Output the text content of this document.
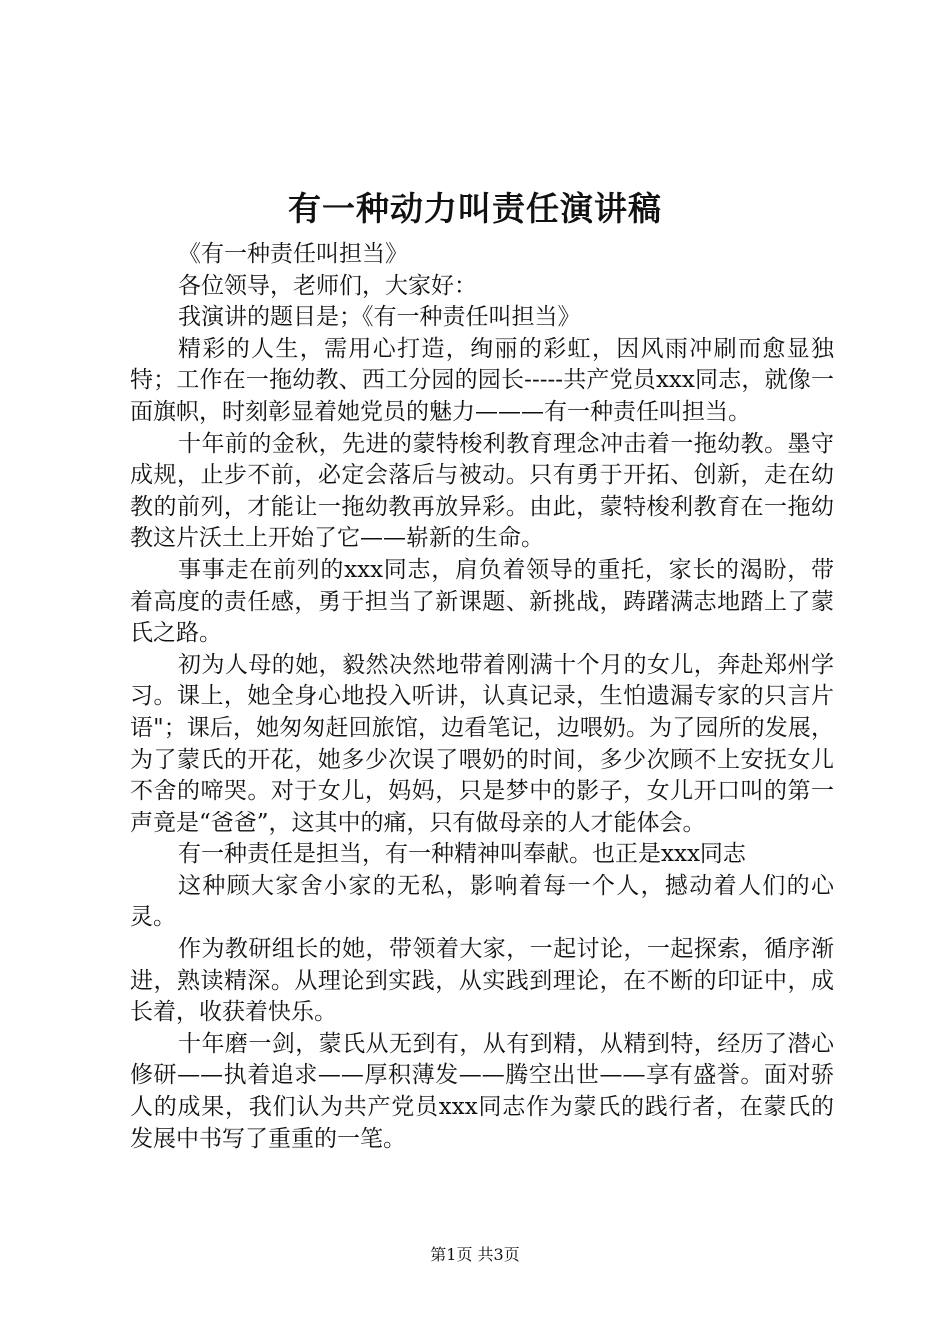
有一种动力叫责任演讲稿

《有一种责任叫担当》

各位领导，老师们，大家好：

我演讲的题目是；《有一种责任叫担当》

精彩的人生，需用心打造，绚丽的彩虹，因风雨冲刷而愈显独特；工作在一拖幼教、西工分园的园长-----共产党员xxx同志，就像一面旗帜，时刻彰显着她党员的魅力———有一种责任叫担当。

十年前的金秋，先进的蒙特梭利教育理念冲击着一拖幼教。墨守成规，止步不前，必定会落后与被动。只有勇于开拓、创新，走在幼教的前列，才能让一拖幼教再放异彩。由此，蒙特梭利教育在一拖幼教这片沃土上开始了它——崭新的生命。

事事走在前列的xxx同志，肩负着领导的重托，家长的渴盼，带着高度的责任感，勇于担当了新课题、新挑战，踌躇满志地踏上了蒙氏之路。

初为人母的她，毅然决然地带着刚满十个月的女儿，奔赴郑州学习。课上，她全身心地投入听讲，认真记录，生怕遗漏专家的只言片语"；课后，她匆匆赶回旅馆，边看笔记，边喂奶。为了园所的发展，为了蒙氏的开花，她多少次误了喂奶的时间，多少次顾不上安抚女儿不舍的啼哭。对于女儿，妈妈，只是梦中的影子，女儿开口叫的第一声竟是“爸爸”，这其中的痛，只有做母亲的人才能体会。

有一种责任是担当，有一种精神叫奉献。也正是xxx同志

这种顾大家舍小家的无私，影响着每一个人，撼动着人们的心灵。

作为教研组长的她，带领着大家，一起讨论，一起探索，循序渐进，熟读精深。从理论到实践，从实践到理论，在不断的印证中，成长着，收获着快乐。

十年磨一剑，蒙氏从无到有，从有到精，从精到特，经历了潜心修研——执着追求——厚积薄发——腾空出世——享有盛誉。面对骄人的成果，我们认为共产党员xxx同志作为蒙氏的践行者，在蒙氏的发展中书写了重重的一笔。

第1页 共3页
